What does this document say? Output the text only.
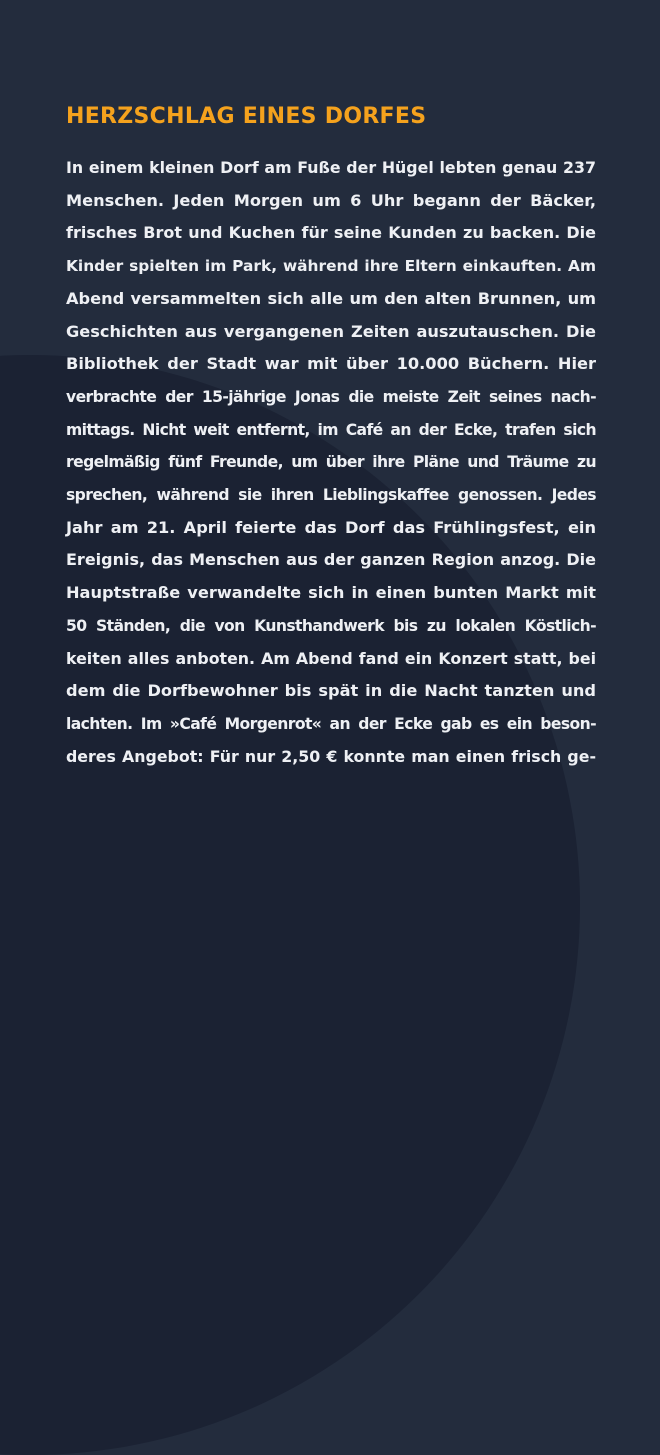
HERZSCHLAG EINES DORFES
In einem kleinen Dorf am Fuße der Hügel lebten genau 237
Menschen. Jeden Morgen um 6 Uhr begann der Bäcker,
frisches Brot und Kuchen für seine Kunden zu backen. Die
Kinder spielten im Park, während ihre Eltern einkauften. Am
Abend versammelten sich alle um den alten Brunnen, um
Geschichten aus vergangenen Zeiten auszutauschen. Die
Bibliothek der Stadt war mit über 10.000 Büchern. Hier
verbrachte der 15-jährige Jonas die meiste Zeit seines nach-
mittags. Nicht weit entfernt, im Café an der Ecke, trafen sich
regelmäßig fünf Freunde, um über ihre Pläne und Träume zu
sprechen, während sie ihren Lieblingskaffee genossen. Jedes
Jahr am 21. April feierte das Dorf das Frühlingsfest, ein
Ereignis, das Menschen aus der ganzen Region anzog. Die
Hauptstraße verwandelte sich in einen bunten Markt mit
50 Ständen, die von Kunsthandwerk bis zu lokalen Köstlich-
keiten alles anboten. Am Abend fand ein Konzert statt, bei
dem die Dorfbewohner bis spät in die Nacht tanzten und
lachten. Im »Café Morgenrot« an der Ecke gab es ein beson-
deres Angebot: Für nur 2,50 € konnte man einen frisch ge-
